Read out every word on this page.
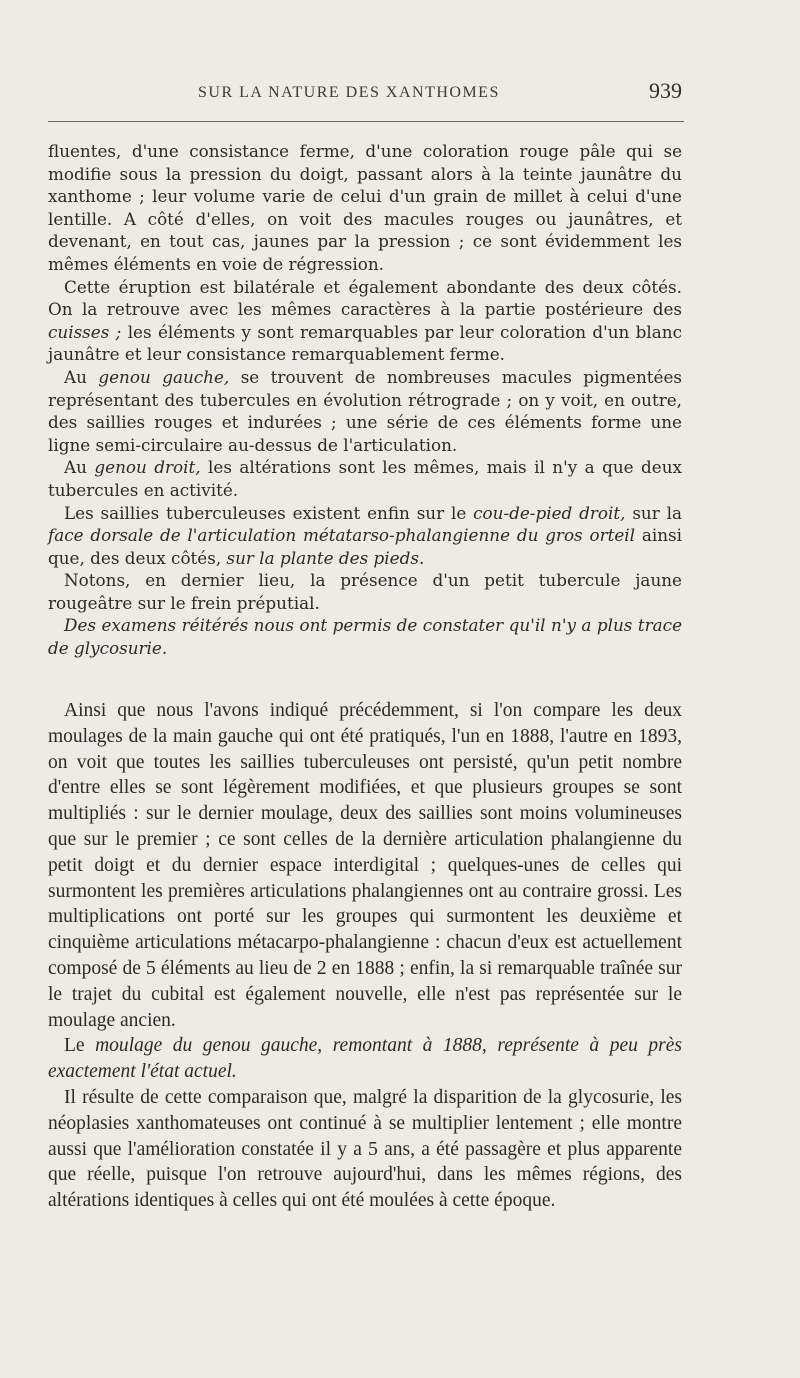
SUR LA NATURE DES XANTHOMES	939

fluentes, d'une consistance ferme, d'une coloration rouge pâle qui se modifie sous la pression du doigt, passant alors à la teinte jaunâtre du xanthome ; leur volume varie de celui d'un grain de millet à celui d'une lentille. A côté d'elles, on voit des macules rouges ou jaunâtres, et devenant, en tout cas, jaunes par la pression ; ce sont évidemment les mêmes éléments en voie de régression.

Cette éruption est bilatérale et également abondante des deux côtés. On la retrouve avec les mêmes caractères à la partie postérieure des cuisses ; les éléments y sont remarquables par leur coloration d'un blanc jaunâtre et leur consistance remarquablement ferme.

Au genou gauche, se trouvent de nombreuses macules pigmentées représentant des tubercules en évolution rétrograde ; on y voit, en outre, des saillies rouges et indurées ; une série de ces éléments forme une ligne semi-circulaire au-dessus de l'articulation.

Au genou droit, les altérations sont les mêmes, mais il n'y a que deux tubercules en activité.

Les saillies tuberculeuses existent enfin sur le cou-de-pied droit, sur la face dorsale de l'articulation métatarso-phalangienne du gros orteil ainsi que, des deux côtés, sur la plante des pieds.

Notons, en dernier lieu, la présence d'un petit tubercule jaune rougeâtre sur le frein préputial.

Des examens réitérés nous ont permis de constater qu'il n'y a plus trace de glycosurie.

Ainsi que nous l'avons indiqué précédemment, si l'on compare les deux moulages de la main gauche qui ont été pratiqués, l'un en 1888, l'autre en 1893, on voit que toutes les saillies tuberculeuses ont persisté, qu'un petit nombre d'entre elles se sont légèrement modifiées, et que plusieurs groupes se sont multipliés : sur le dernier moulage, deux des saillies sont moins volumineuses que sur le premier ; ce sont celles de la dernière articulation phalangienne du petit doigt et du dernier espace interdigital ; quelques-unes de celles qui surmontent les premières articulations phalangiennes ont au contraire grossi. Les multiplications ont porté sur les groupes qui surmontent les deuxième et cinquième articulations métacarpo-phalangienne : chacun d'eux est actuellement composé de 5 éléments au lieu de 2 en 1888 ; enfin, la si remarquable traînée sur le trajet du cubital est également nouvelle, elle n'est pas représentée sur le moulage ancien.

Le moulage du genou gauche, remontant à 1888, représente à peu près exactement l'état actuel.

Il résulte de cette comparaison que, malgré la disparition de la glycosurie, les néoplasies xanthomateuses ont continué à se multiplier lentement ; elle montre aussi que l'amélioration constatée il y a 5 ans, a été passagère et plus apparente que réelle, puisque l'on retrouve aujourd'hui, dans les mêmes régions, des altérations identiques à celles qui ont été moulées à cette époque.
